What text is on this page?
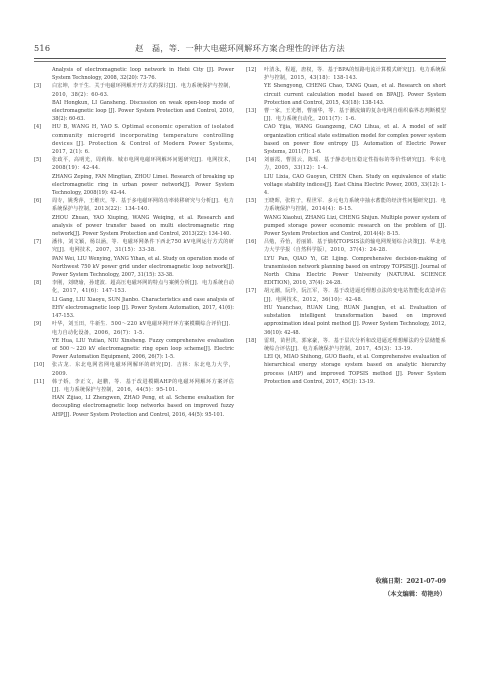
516	赵　磊，等．一种大电磁环网解环方案合理性的评估方法
Analysis of electromagnetic loop network in Hebi City [J]. Power System Technology, 2008, 32(20): 73-76.
[3] 白宏坤，李干生．关于电磁环网解开开方式的探讨[J]．电力系统保护与控制，2010，38(2)：60-63.
BAI Hongkun, LI Gansheng. Discussion on weak open-loop mode of electromagnetic loop [J]. Power System Protection and Control, 2010, 38(2): 60-63.
[4] HU B, WANG H, YAO S. Optimal economic operation of isolated community microgrid incorporating temperature controlling devices [J]. Protection & Control of Modern Power Systems, 2017, 2(1): 6.
[5] 张政平，高明光，周莉梅．城市电网电磁环网解环问题研究[J]．电网技术，2008(19)：42-44.
ZHANG Zeping, FAN Mingtian, ZHOU Limei. Research of breaking up electromagnetic ring in urban power network[J]. Power System Technology, 2008(19): 42-44.
[6] 周专，姚秀萍，王维庆，等．基于多电磁环网的功率转移研究与分析[J]．电力系统保护与控制，2013(22)：134-140.
ZHOU Zhuan, YAO Xiuping, WANG Weiqing, et al. Research and analysis of power transfer based on multi electromagnetic ring network[J]. Power System Protection and Control, 2013(22): 134-140.
[7] 潘伟，刘文颖，杨以涵，等．电磁环网条件下西北750 kV电网运行方式的研究[J]．电网技术，2007，31(15)：33-38.
PAN Wei, LIU Wenying, YANG Yihan, et al. Study on operation mode of Northwest 750 kV power grid under electromagnetic loop network[J]. Power System Technology, 2007, 31(15): 33-38.
[8] 李刚，刘晓瑜，孙建波．超高压电磁环网的特点与案例分析[J]．电力系统自动化，2017，41(6)：147-153.
LI Gang, LIU Xiaoyu, SUN Jianbo. Characteristics and case analysis of EHV electromagnetic loop [J]. Power System Automation, 2017, 41(6): 147-153.
[9] 叶华，刘玉田，牛新生．500～220 kV电磁环网开环方案模糊综合评价[J]．电力自动化设备，2006，26(7)：1-5.
YE Hua, LIU Yutian, NIU Xinsheng. Fuzzy comprehensive evaluation of 500～220 kV electromagnetic ring open loop scheme[J]. Electric Power Automation Equipment, 2006, 26(7): 1-5.
[10] 张古龙．东北电网省网电磁环网解环的研究[D]．吉林：东北电力大学，2009.
[11] 韩子娇，李正文，赵鹏，等．基于改进模糊AHP的电磁环网解环方案评估[J]．电力系统保护与控制，2016，44(5)：95-101.
HAN Zijiao, LI Zhengwen, ZHAO Peng, et al. Scheme evaluation for decoupling electromagnetic loop networks based on improved fuzzy AHP[J]. Power System Protection and Control, 2016, 44(5): 95-101.
[12] 叶清永，程超，唐权，等．基于BPA的短路电流计算模式研究[J]．电力系统保护与控制，2015，43(18)：138-143.
YE Shengyong, CHENG Chao, TANG Quan, et al. Research on short circuit current calculation model based on BPA[J]. Power System Protection and Control, 2015, 43(18): 138-143.
[13] 曹一家，王光增，曹丽华，等．基于潮流熵的复杂电网自组织临界态判断模型[J]．电力系统自动化，2011(7)：1-6.
CAO Yijia, WANG Guangzeng, CAO Lihua, et al. A model of self organization critical state estimation model for complex power system based on power flow entropy [J]. Automation of Electric Power Systems, 2011(7): 1-6.
[14] 刘丽霞，曹国云，陈瑶．基于静态电压稳定性指标的等价性研究[J]．华东电力，2005，33(12)：1-4.
LIU Lixia, CAO Guoyun, CHEN Chen. Study on equivalence of static voltage stability indices[J]. East China Electric Power, 2005, 33(12): 1-4.
[15] 王晓晖，张粒子，程世军．多元电力系统中抽水蓄能的经济性问题研究[J]．电力系统保护与控制，2014(4)：8-15.
WANG Xiaohui, ZHANG Lizi, CHENG Shijun. Multiple power system of pumped storage power economic research on the problem of [J]. Power System Protection and Control, 2014(4): 8-15.
[16] 吕勉，乔怡，若丽娟．基于熵权TOPSIS法的输电网规划综合决策[J]．华北电力大学学报（自然科学版），2010，37(4)：24-28.
LYU Pan, QIAO Yi, GE Lijing. Comprehensive decision-making of transmission network planning based on entropy TOPSIS[J]. Journal of North China Electric Power University (NATURAL SCIENCE EDITION), 2010, 37(4): 24-28.
[17] 胡元潮，阮玲，阮江军，等．基于改进逼近理想点法的变电站智能化改造评估[J]．电网技术，2012，36(10)：42-48.
HU Yuanchao, RUAN Ling, RUAN Jiangjun, et al. Evaluation of substation intelligent transformation based on improved approximation ideal point method [J]. Power System Technology, 2012, 36(10): 42-48.
[18] 雷琪，苗世洪，郭家豪，等．基于层次分析和改进逼近理想解法的分层储能系统综合评估[J]．电力系统保护与控制，2017，45(3)：13-19.
LEI Qi, MIAO Shihong, GUO Baofu, et al. Comprehensive evaluation of hierarchical energy storage system based on analytic hierarchy process (AHP) and improved TOPSIS method [J]. Power System Protection and Control, 2017, 45(3): 13-19.
收稿日期：2021-07-09
（本文编辑：荀艳玲）
